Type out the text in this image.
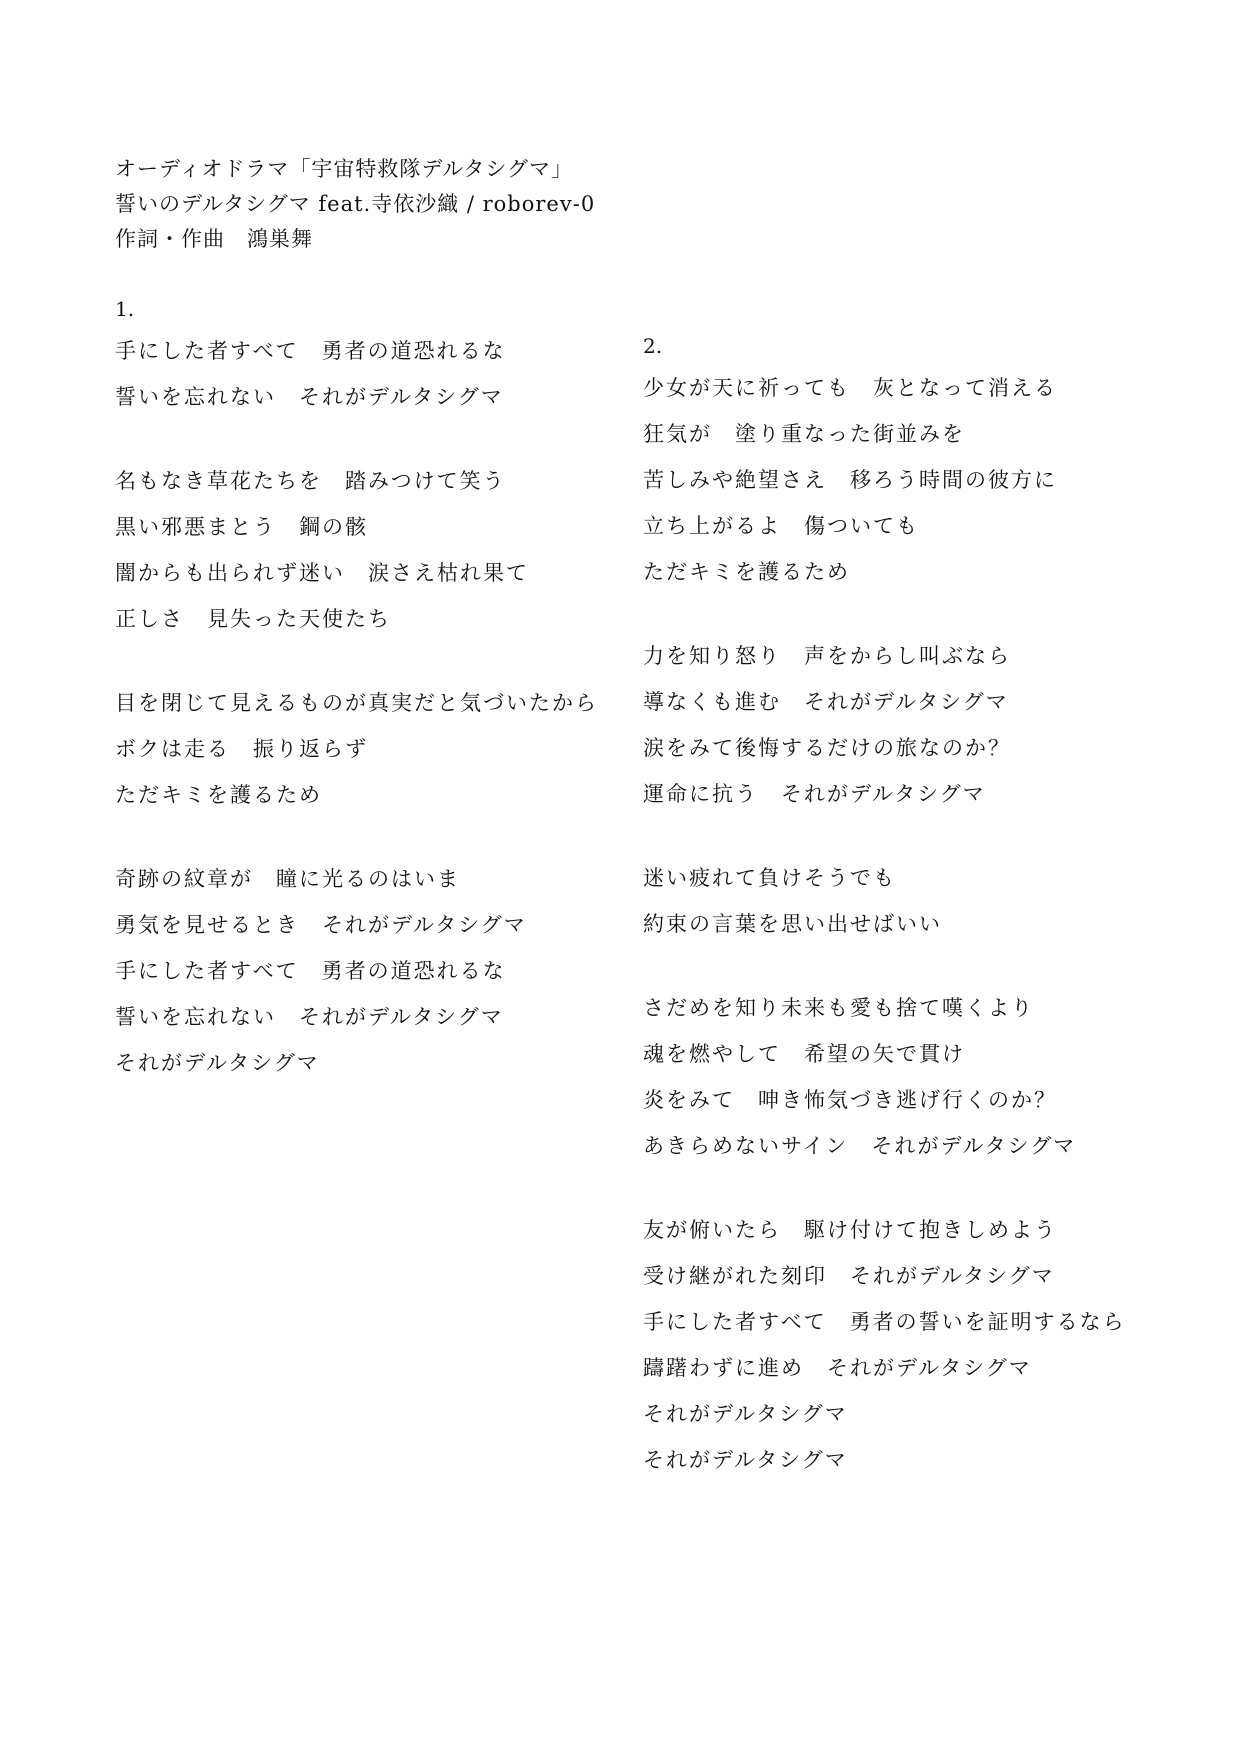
オーディオドラマ「宇宙特救隊デルタシグマ」
誓いのデルタシグマ feat.寺依沙織 / roborev-0
作詞・作曲　鴻巣舞
1.
手にした者すべて　勇者の道恐れるな
誓いを忘れない　それがデルタシグマ
名もなき草花たちを　踏みつけて笑う
黒い邪悪まとう　鋼の骸
闇からも出られず迷い　涙さえ枯れ果て
正しさ　見失った天使たち
目を閉じて見えるものが真実だと気づいたから
ボクは走る　振り返らず
ただキミを護るため
奇跡の紋章が　瞳に光るのはいま
勇気を見せるとき　それがデルタシグマ
手にした者すべて　勇者の道恐れるな
誓いを忘れない　それがデルタシグマ
それがデルタシグマ
2.
少女が天に祈っても　灰となって消える
狂気が　塗り重なった街並みを
苦しみや絶望さえ　移ろう時間の彼方に
立ち上がるよ　傷ついても
ただキミを護るため
力を知り怒り　声をからし叫ぶなら
導なくも進む　それがデルタシグマ
涙をみて後悔するだけの旅なのか？
運命に抗う　それがデルタシグマ
迷い疲れて負けそうでも
約束の言葉を思い出せばいい
さだめを知り未来も愛も捨て嘆くより
魂を燃やして　希望の矢で貫け
炎をみて　呻き怖気づき逃げ行くのか？
あきらめないサイン　それがデルタシグマ
友が俯いたら　駆け付けて抱きしめよう
受け継がれた刻印　それがデルタシグマ
手にした者すべて　勇者の誓いを証明するなら
躊躇わずに進め　それがデルタシグマ
それがデルタシグマ
それがデルタシグマ
